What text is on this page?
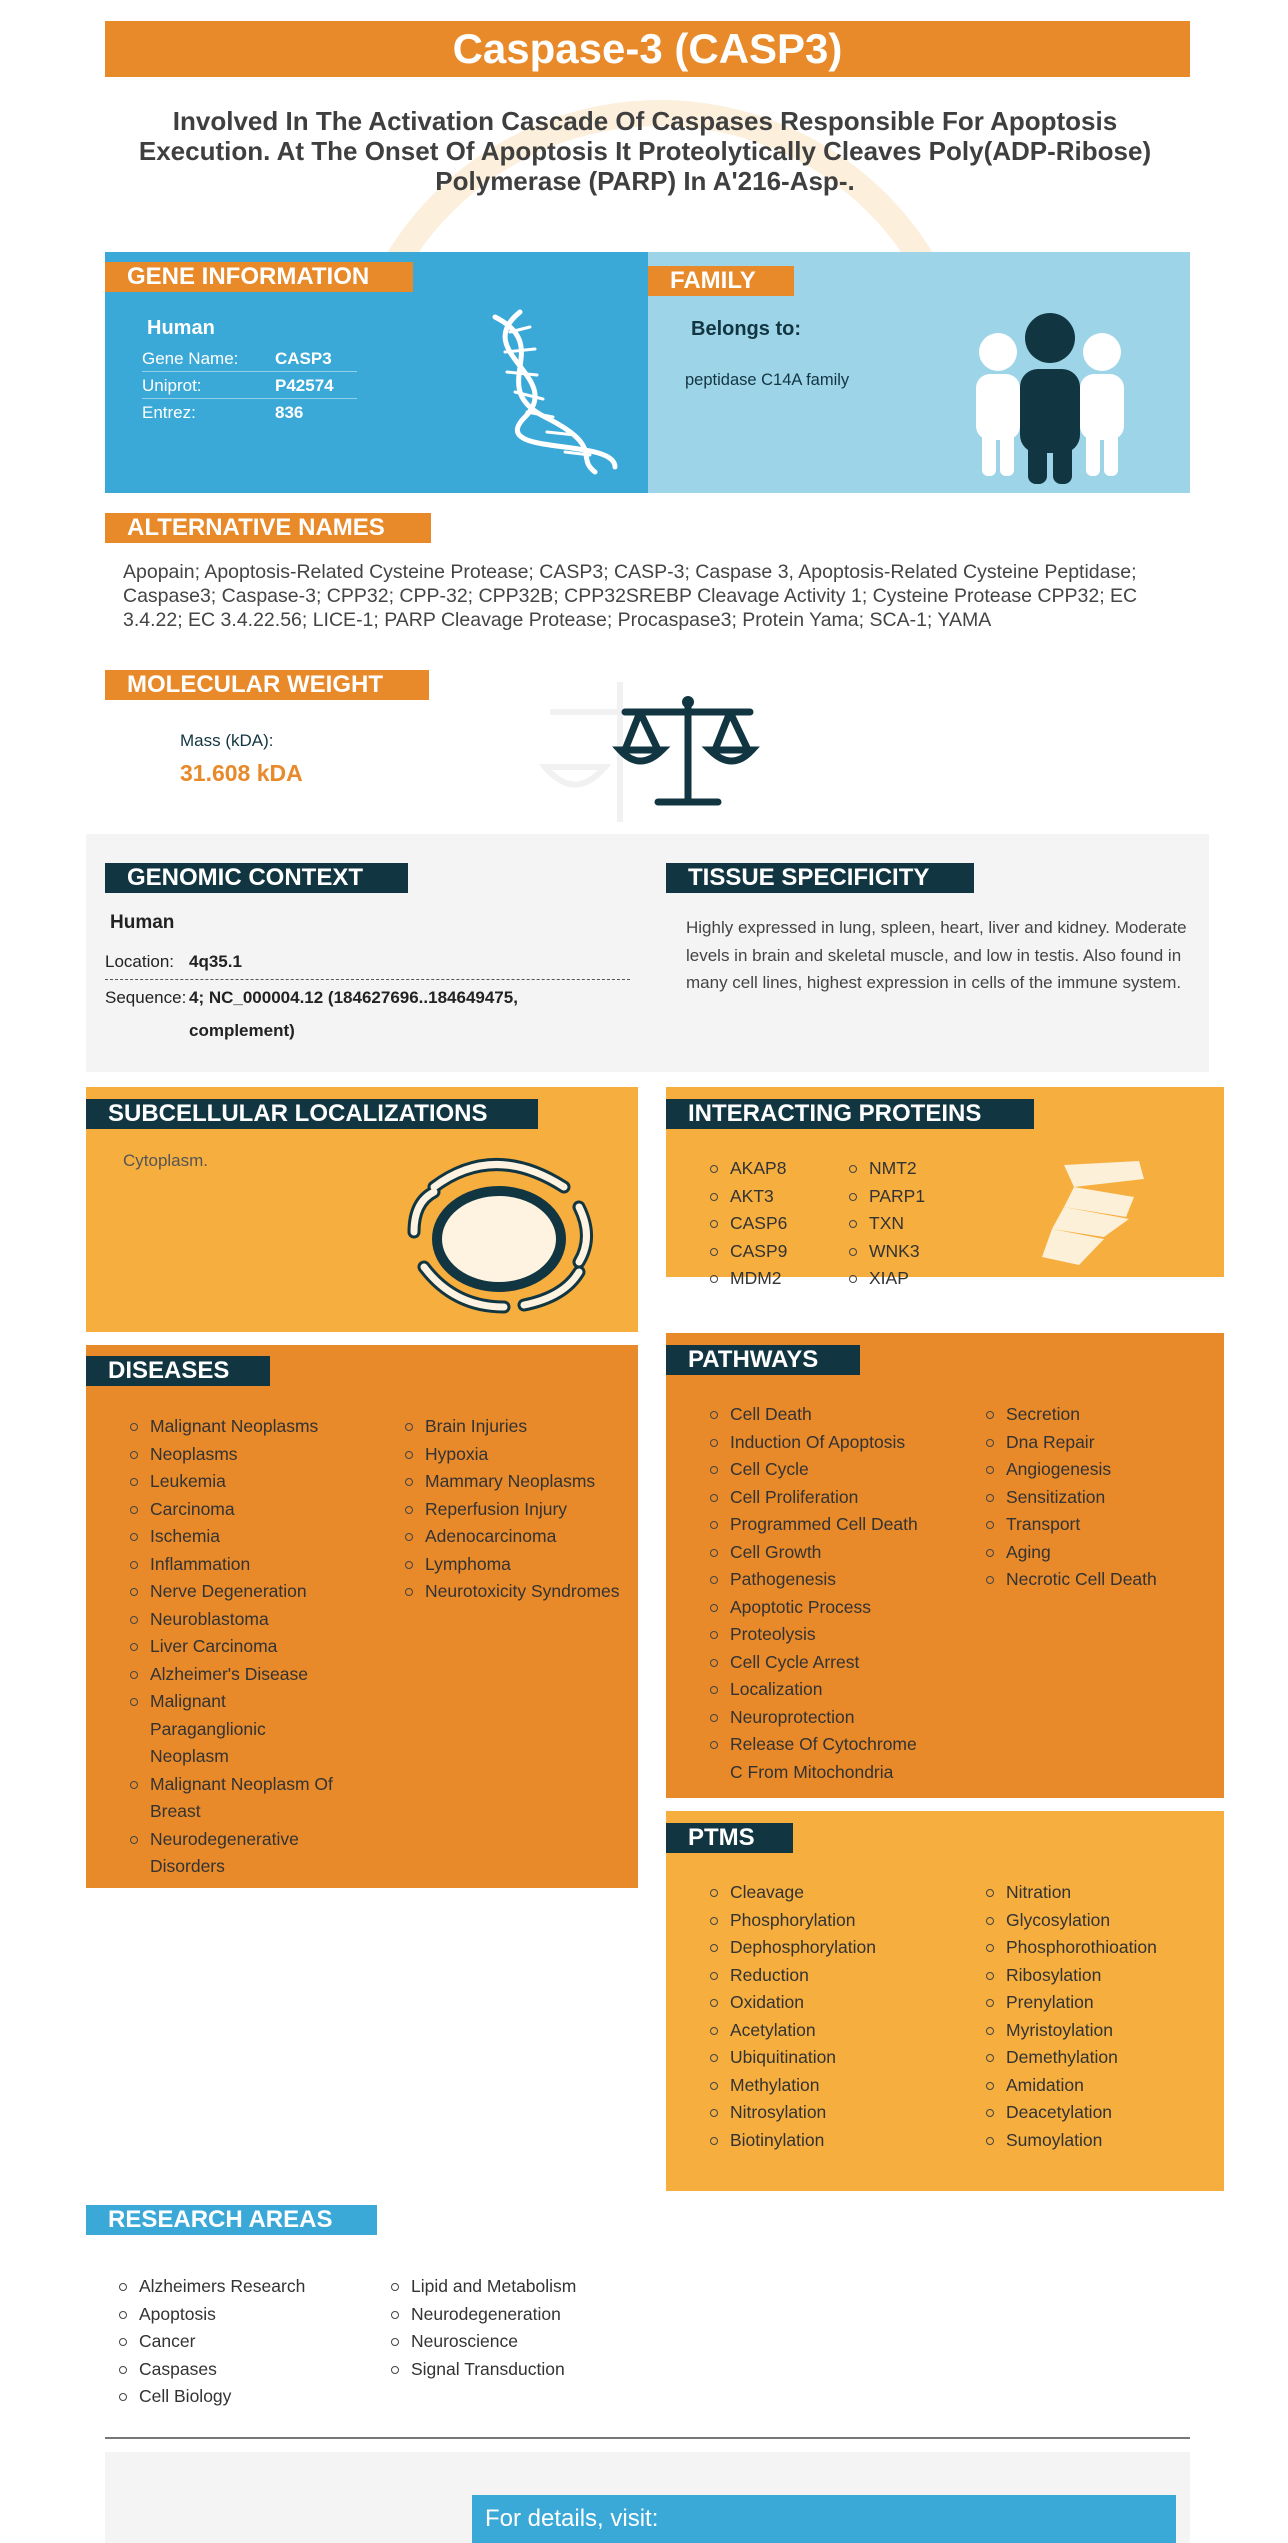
Caspase-3 (CASP3)
Involved In The Activation Cascade Of Caspases Responsible For Apoptosis Execution. At The Onset Of Apoptosis It Proteolytically Cleaves Poly(ADP-Ribose) Polymerase (PARP) In A'216-Asp-.
GENE INFORMATION
Human
Gene Name: CASP3
Uniprot:	P42574
Entrez:	836
FAMILY
Belongs to:
peptidase C14A family
ALTERNATIVE NAMES
Apopain; Apoptosis-Related Cysteine Protease; CASP3; CASP-3; Caspase 3, Apoptosis-Related Cysteine Peptidase; Caspase3; Caspase-3; CPP32; CPP-32; CPP32B; CPP32SREBP Cleavage Activity 1; Cysteine Protease CPP32; EC 3.4.22; EC 3.4.22.56; LICE-1; PARP Cleavage Protease; Procaspase3; Protein Yama; SCA-1; YAMA
MOLECULAR WEIGHT
Mass (kDA):
31.608 kDA
GENOMIC CONTEXT
Human
Location: 4q35.1
Sequence: 4; NC_000004.12 (184627696..184649475,
complement)
TISSUE SPECIFICITY
Highly expressed in lung, spleen, heart, liver and kidney. Moderate levels in brain and skeletal muscle, and low in testis. Also found in many cell lines, highest expression in cells of the immune system.
SUBCELLULAR LOCALIZATIONS
Cytoplasm.
INTERACTING PROTEINS
AKAP8
AKT3
CASP6
CASP9
MDM2
NMT2
PARP1
TXN
WNK3
XIAP
DISEASES
Malignant Neoplasms
Neoplasms
Leukemia
Carcinoma
Ischemia
Inflammation
Nerve Degeneration
Neuroblastoma
Liver Carcinoma
Alzheimer's Disease
Malignant Paraganglionic Neoplasm
Malignant Neoplasm Of Breast
Neurodegenerative Disorders
Brain Injuries
Hypoxia
Mammary Neoplasms
Reperfusion Injury
Adenocarcinoma
Lymphoma
Neurotoxicity Syndromes
PATHWAYS
Cell Death
Induction Of Apoptosis
Cell Cycle
Cell Proliferation
Programmed Cell Death
Cell Growth
Pathogenesis
Apoptotic Process
Proteolysis
Cell Cycle Arrest
Localization
Neuroprotection
Release Of Cytochrome C From Mitochondria
Secretion
Dna Repair
Angiogenesis
Sensitization
Transport
Aging
Necrotic Cell Death
PTMS
Cleavage
Phosphorylation
Dephosphorylation
Reduction
Oxidation
Acetylation
Ubiquitination
Methylation
Nitrosylation
Biotinylation
Nitration
Glycosylation
Phosphorothioation
Ribosylation
Prenylation
Myristoylation
Demethylation
Amidation
Deacetylation
Sumoylation
RESEARCH AREAS
Alzheimers Research
Apoptosis
Cancer
Caspases
Cell Biology
Lipid and Metabolism
Neurodegeneration
Neuroscience
Signal Transduction
For details, visit:
